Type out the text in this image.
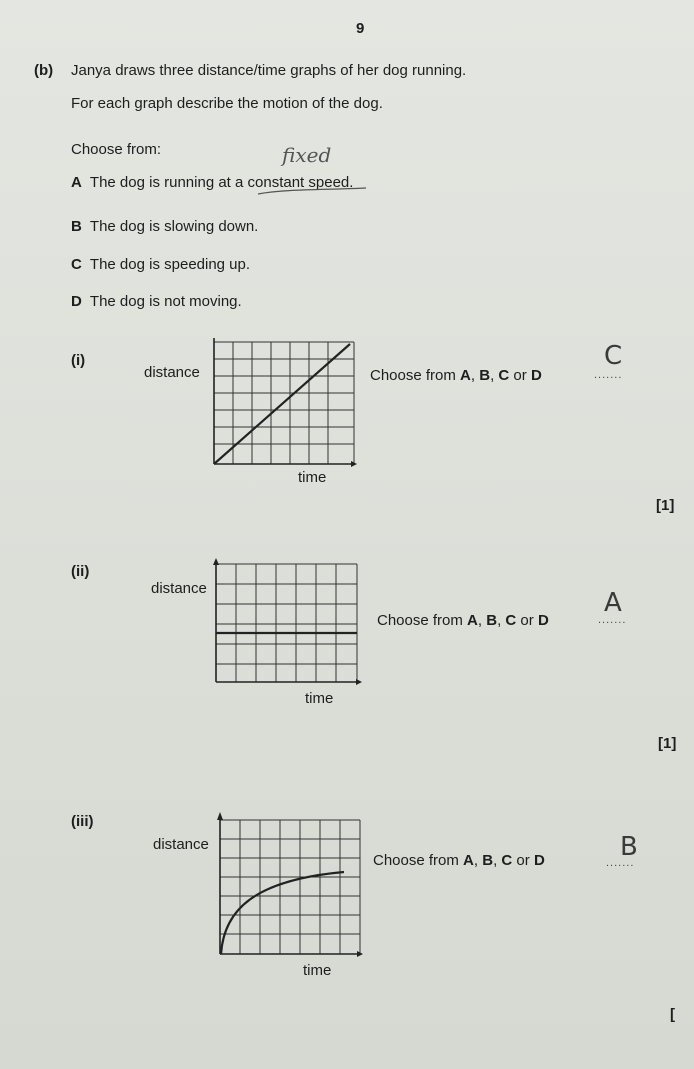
9
(b) Janya draws three distance/time graphs of her dog running.
For each graph describe the motion of the dog.
Choose from:
A The dog is running at a constant speed.
B The dog is slowing down.
C The dog is speeding up.
D The dog is not moving.
fixed
(i)
distance
time
Choose from A, B, C or D	.......
C
[1]
(ii)
distance
time
Choose from A, B, C or D	.......
A
[1]
(iii)
distance
time
Choose from A, B, C or D	.......
B
[
